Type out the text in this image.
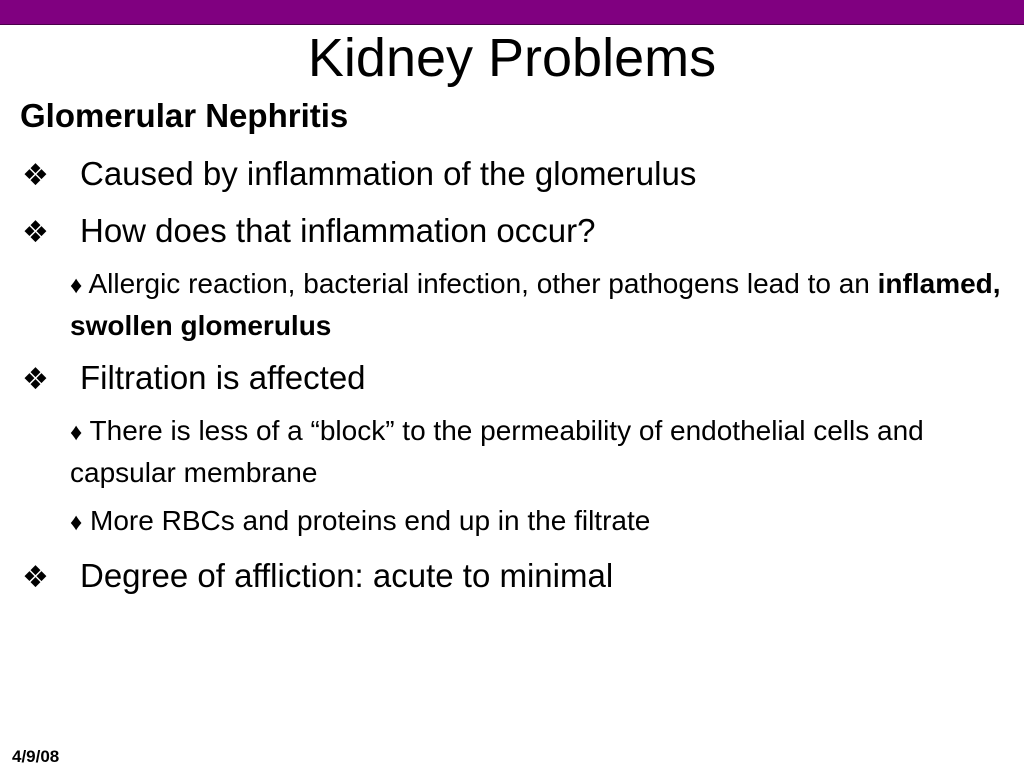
Kidney Problems
Glomerular Nephritis
❖ Caused by inflammation of the glomerulus
❖ How does that inflammation occur?
♦ Allergic reaction, bacterial infection, other pathogens lead to an inflamed, swollen glomerulus
❖ Filtration is affected
♦ There is less of a “block” to the permeability of endothelial cells and capsular membrane
♦ More RBCs and proteins end up in the filtrate
❖ Degree of affliction: acute to minimal
4/9/08
